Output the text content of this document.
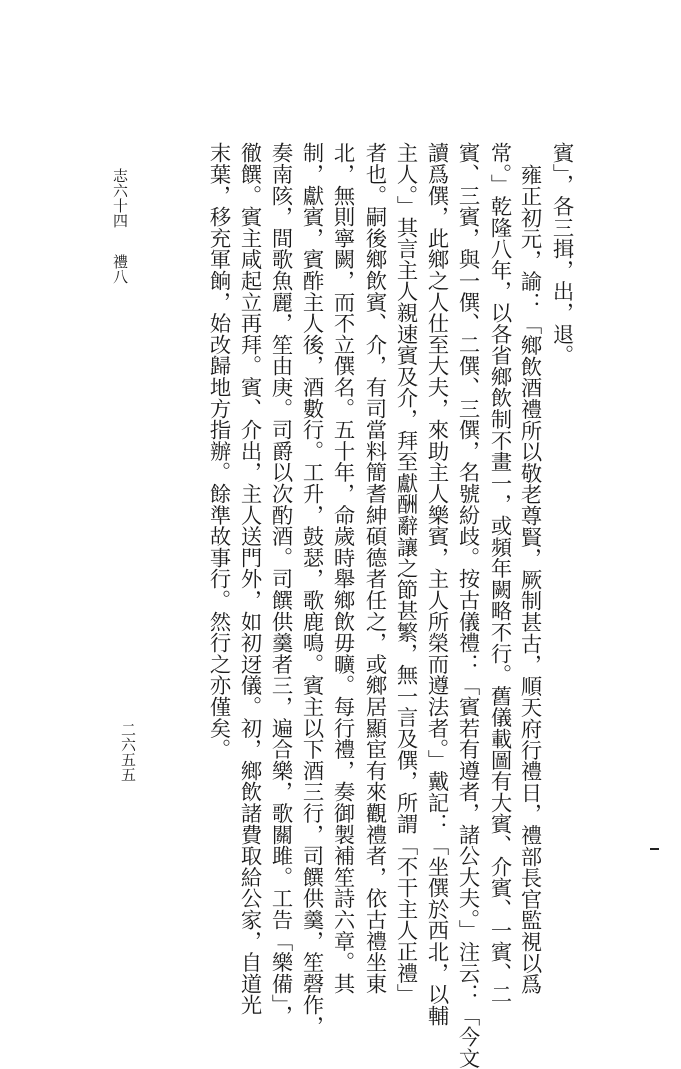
賓」，各三揖，出，退。
雍正初元，諭：「鄉飲酒禮所以敬老尊賢，厥制甚古，順天府行禮日，禮部長官監視以爲
常。」乾隆八年，以各省鄉飲制不畫一，或頻年闕略不行。舊儀載圖有大賓、介賓、一賓、二
賓、三賓，與一僎、二僎、三僎，名號紛歧。按古儀禮：「賓若有遵者，諸公大夫。」注云：「今文
讀爲僎，此鄉之人仕至大夫，來助主人樂賓，主人所榮而遵法者。」戴記：「坐僎於西北，以輔
主人。」其言主人親速賓及介，拜至獻酬辭讓之節甚繁，無一言及僎，所謂「不干主人正禮」
者也。嗣後鄉飲賓、介，有司當料簡耆紳碩德者任之，或鄉居顯宦有來觀禮者，依古禮坐東
北，無則寧闕，而不立僎名。五十年，命歲時舉鄉飲毋曠。每行禮，奏御製補笙詩六章。其
制，獻賓，賓酢主人後，酒數行。工升，鼓瑟，歌鹿鳴。賓主以下酒三行，司饌供羹，笙磬作，
奏南陔，間歌魚麗，笙由庚。司爵以次酌酒。司饌供羹者三，遍合樂，歌關雎。工告「樂備」，
徹饌。賓主咸起立再拜。賓、介出，主人送門外，如初迓儀。初，鄉飲諸費取給公家，自道光
末葉，移充軍餉，始改歸地方指辦。餘準故事行。然行之亦僅矣。
志六十四
禮八
二六五五
